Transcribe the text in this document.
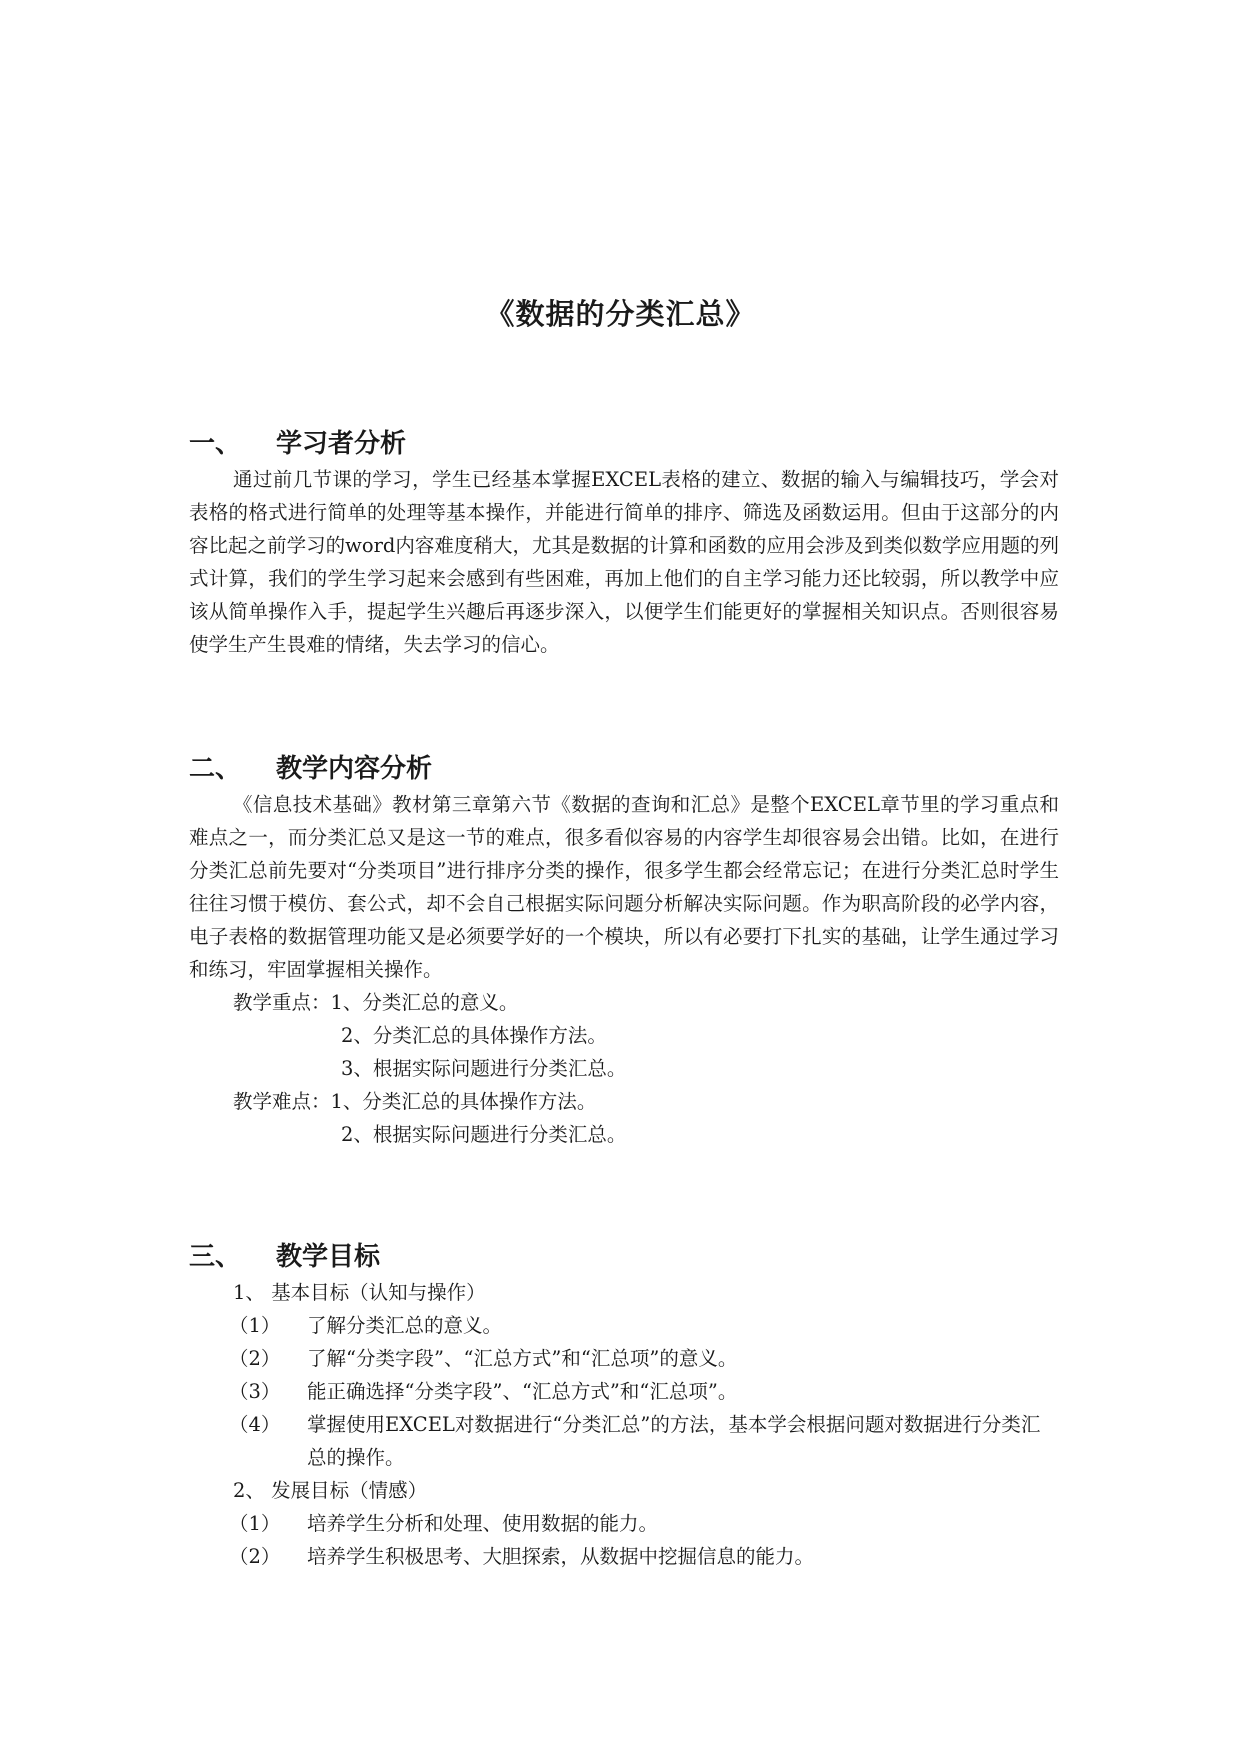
《数据的分类汇总》
一、 学习者分析

通过前几节课的学习，学生已经基本掌握EXCEL表格的建立、数据的输入与编辑技巧，学会对表格的格式进行简单的处理等基本操作，并能进行简单的排序、筛选及函数运用。但由于这部分的内容比起之前学习的word内容难度稍大，尤其是数据的计算和函数的应用会涉及到类似数学应用题的列式计算，我们的学生学习起来会感到有些困难，再加上他们的自主学习能力还比较弱，所以教学中应该从简单操作入手，提起学生兴趣后再逐步深入，以便学生们能更好的掌握相关知识点。否则很容易使学生产生畏难的情绪，失去学习的信心。

二、 教学内容分析

《信息技术基础》教材第三章第六节《数据的查询和汇总》是整个EXCEL章节里的学习重点和难点之一，而分类汇总又是这一节的难点，很多看似容易的内容学生却很容易会出错。比如，在进行分类汇总前先要对“分类项目”进行排序分类的操作，很多学生都会经常忘记；在进行分类汇总时学生往往习惯于模仿、套公式，却不会自己根据实际问题分析解决实际问题。作为职高阶段的必学内容，电子表格的数据管理功能又是必须要学好的一个模块，所以有必要打下扎实的基础，让学生通过学习和练习，牢固掌握相关操作。

教学重点：1、分类汇总的意义。
2、分类汇总的具体操作方法。
3、根据实际问题进行分类汇总。
教学难点：1、分类汇总的具体操作方法。
2、根据实际问题进行分类汇总。
三、 教学目标
1、 基本目标（认知与操作）
（1） 了解分类汇总的意义。
（2） 了解“分类字段”、“汇总方式”和“汇总项”的意义。
（3） 能正确选择“分类字段”、“汇总方式”和“汇总项”。
（4） 掌握使用EXCEL对数据进行“分类汇总”的方法，基本学会根据问题对数据进行分类汇总的操作。
2、 发展目标（情感）
（1） 培养学生分析和处理、使用数据的能力。
（2） 培养学生积极思考、大胆探索，从数据中挖掘信息的能力。
